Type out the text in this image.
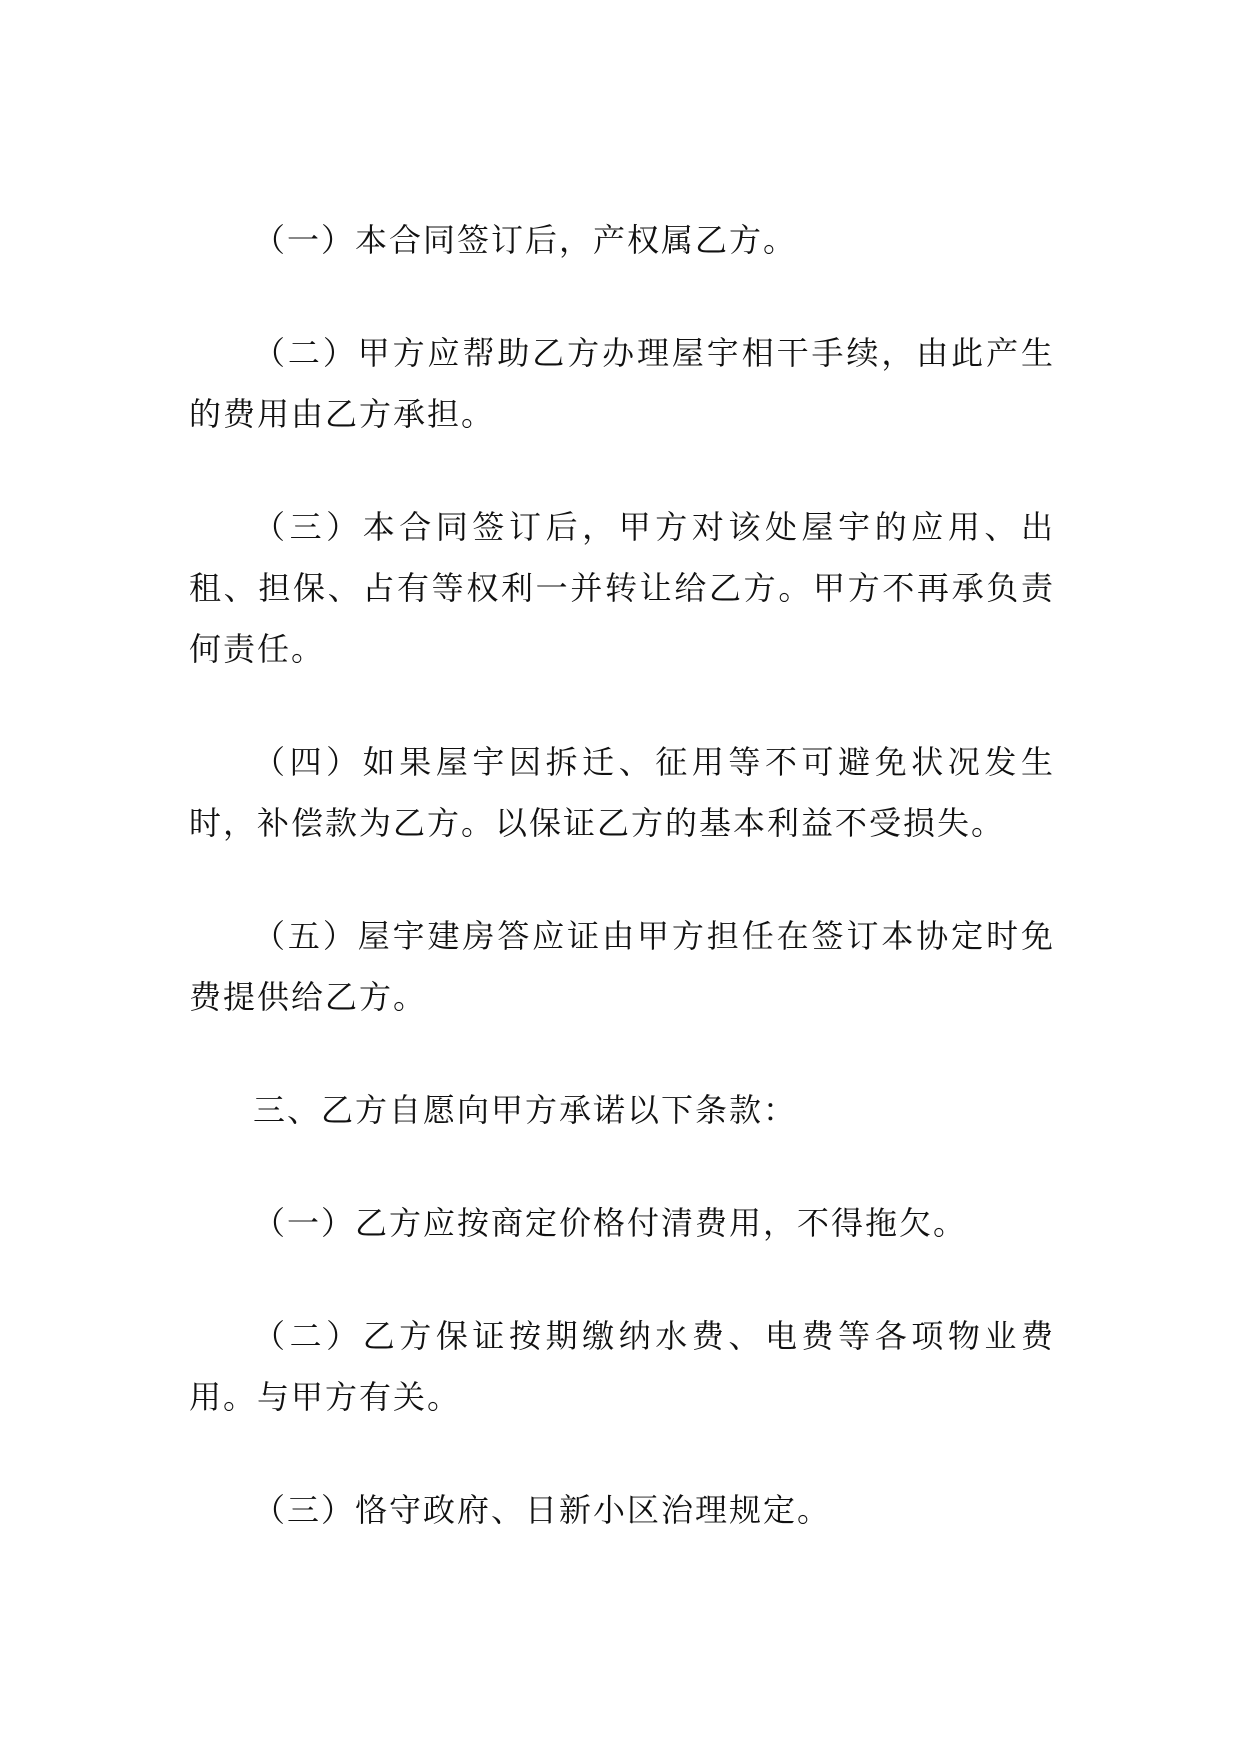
（一）本合同签订后，产权属乙方。

（二）甲方应帮助乙方办理屋宇相干手续，由此产生的费用由乙方承担。

（三）本合同签订后，甲方对该处屋宇的应用、出租、担保、占有等权利一并转让给乙方。甲方不再承负责何责任。

（四）如果屋宇因拆迁、征用等不可避免状况发生时，补偿款为乙方。以保证乙方的基本利益不受损失。

（五）屋宇建房答应证由甲方担任在签订本协定时免费提供给乙方。

三、乙方自愿向甲方承诺以下条款：

（一）乙方应按商定价格付清费用，不得拖欠。

（二）乙方保证按期缴纳水费、电费等各项物业费用。与甲方有关。

（三）恪守政府、日新小区治理规定。
